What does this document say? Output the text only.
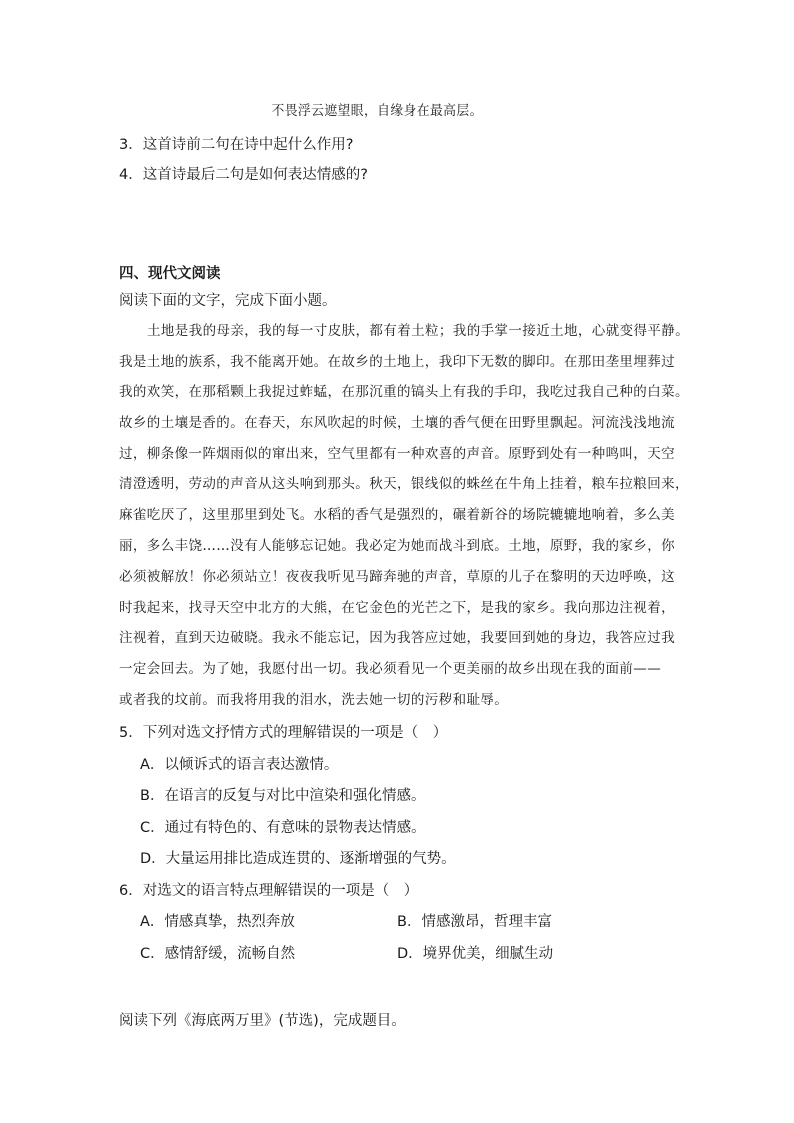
不畏浮云遮望眼，自缘身在最高层。
3．这首诗前二句在诗中起什么作用?
4．这首诗最后二句是如何表达情感的?
四、现代文阅读
阅读下面的文字，完成下面小题。
土地是我的母亲，我的每一寸皮肤，都有着土粒；我的手掌一接近土地，心就变得平静。
我是土地的族系，我不能离开她。在故乡的土地上，我印下无数的脚印。在那田垄里埋葬过
我的欢笑，在那稻颗上我捉过蚱蜢，在那沉重的镐头上有我的手印，我吃过我自己种的白菜。
故乡的土壤是香的。在春天，东风吹起的时候，土壤的香气便在田野里飘起。河流浅浅地流
过，柳条像一阵烟雨似的窜出来，空气里都有一种欢喜的声音。原野到处有一种鸣叫，天空
清澄透明，劳动的声音从这头响到那头。秋天，银线似的蛛丝在牛角上挂着，粮车拉粮回来，
麻雀吃厌了，这里那里到处飞。水稻的香气是强烈的，碾着新谷的场院辘辘地响着，多么美
丽，多么丰饶……没有人能够忘记她。我必定为她而战斗到底。土地，原野，我的家乡，你
必须被解放！你必须站立！夜夜我听见马蹄奔驰的声音，草原的儿子在黎明的天边呼唤，这
时我起来，找寻天空中北方的大熊，在它金色的光芒之下，是我的家乡。我向那边注视着，
注视着，直到天边破晓。我永不能忘记，因为我答应过她，我要回到她的身边，我答应过我
一定会回去。为了她，我愿付出一切。我必须看见一个更美丽的故乡出现在我的面前——
或者我的坟前。而我将用我的泪水，洗去她一切的污秽和耻辱。
5．下列对选文抒情方式的理解错误的一项是（　）
A．以倾诉式的语言表达激情。
B．在语言的反复与对比中渲染和强化情感。
C．通过有特色的、有意味的景物表达情感。
D．大量运用排比造成连贯的、逐渐增强的气势。
6．对选文的语言特点理解错误的一项是（　）
A．情感真挚，热烈奔放	B．情感激昂，哲理丰富
C．感情舒缓，流畅自然	D．境界优美，细腻生动
阅读下列《海底两万里》(节选)，完成题目。
